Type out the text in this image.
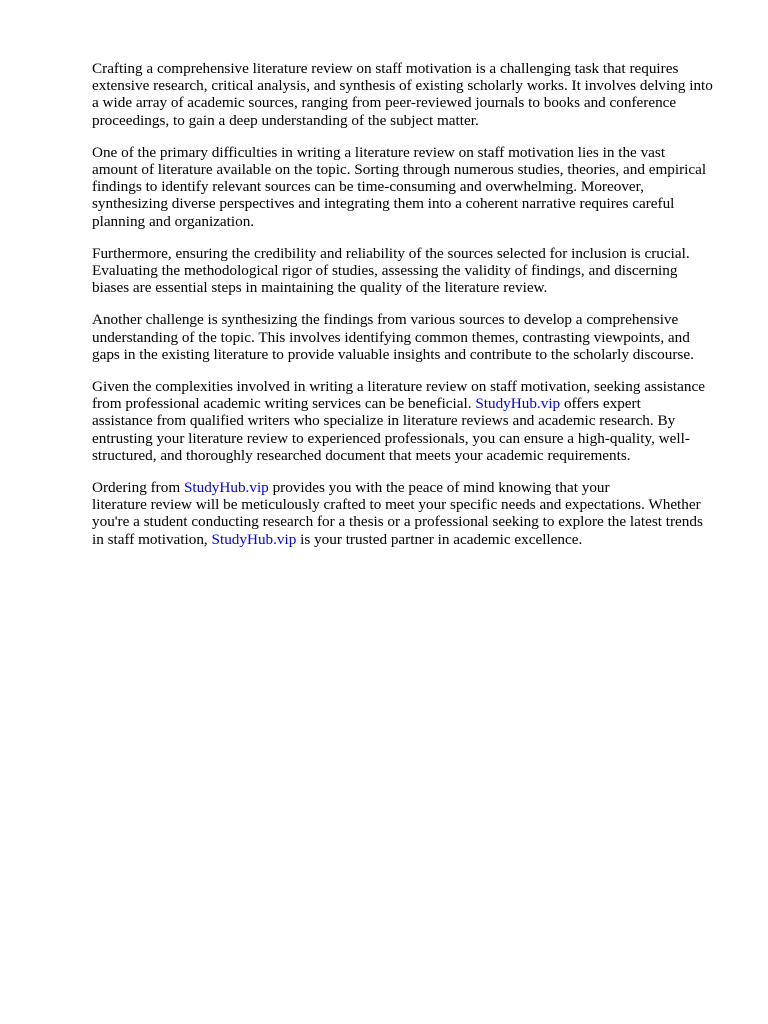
Crafting a comprehensive literature review on staff motivation is a challenging task that requires
extensive research, critical analysis, and synthesis of existing scholarly works. It involves delving into
a wide array of academic sources, ranging from peer-reviewed journals to books and conference
proceedings, to gain a deep understanding of the subject matter.

One of the primary difficulties in writing a literature review on staff motivation lies in the vast
amount of literature available on the topic. Sorting through numerous studies, theories, and empirical
findings to identify relevant sources can be time-consuming and overwhelming. Moreover,
synthesizing diverse perspectives and integrating them into a coherent narrative requires careful
planning and organization.

Furthermore, ensuring the credibility and reliability of the sources selected for inclusion is crucial.
Evaluating the methodological rigor of studies, assessing the validity of findings, and discerning
biases are essential steps in maintaining the quality of the literature review.

Another challenge is synthesizing the findings from various sources to develop a comprehensive
understanding of the topic. This involves identifying common themes, contrasting viewpoints, and
gaps in the existing literature to provide valuable insights and contribute to the scholarly discourse.

Given the complexities involved in writing a literature review on staff motivation, seeking assistance
from professional academic writing services can be beneficial. StudyHub.vip offers expert
assistance from qualified writers who specialize in literature reviews and academic research. By
entrusting your literature review to experienced professionals, you can ensure a high-quality, well-
structured, and thoroughly researched document that meets your academic requirements.

Ordering from StudyHub.vip provides you with the peace of mind knowing that your
literature review will be meticulously crafted to meet your specific needs and expectations. Whether
you're a student conducting research for a thesis or a professional seeking to explore the latest trends
in staff motivation, StudyHub.vip is your trusted partner in academic excellence.
